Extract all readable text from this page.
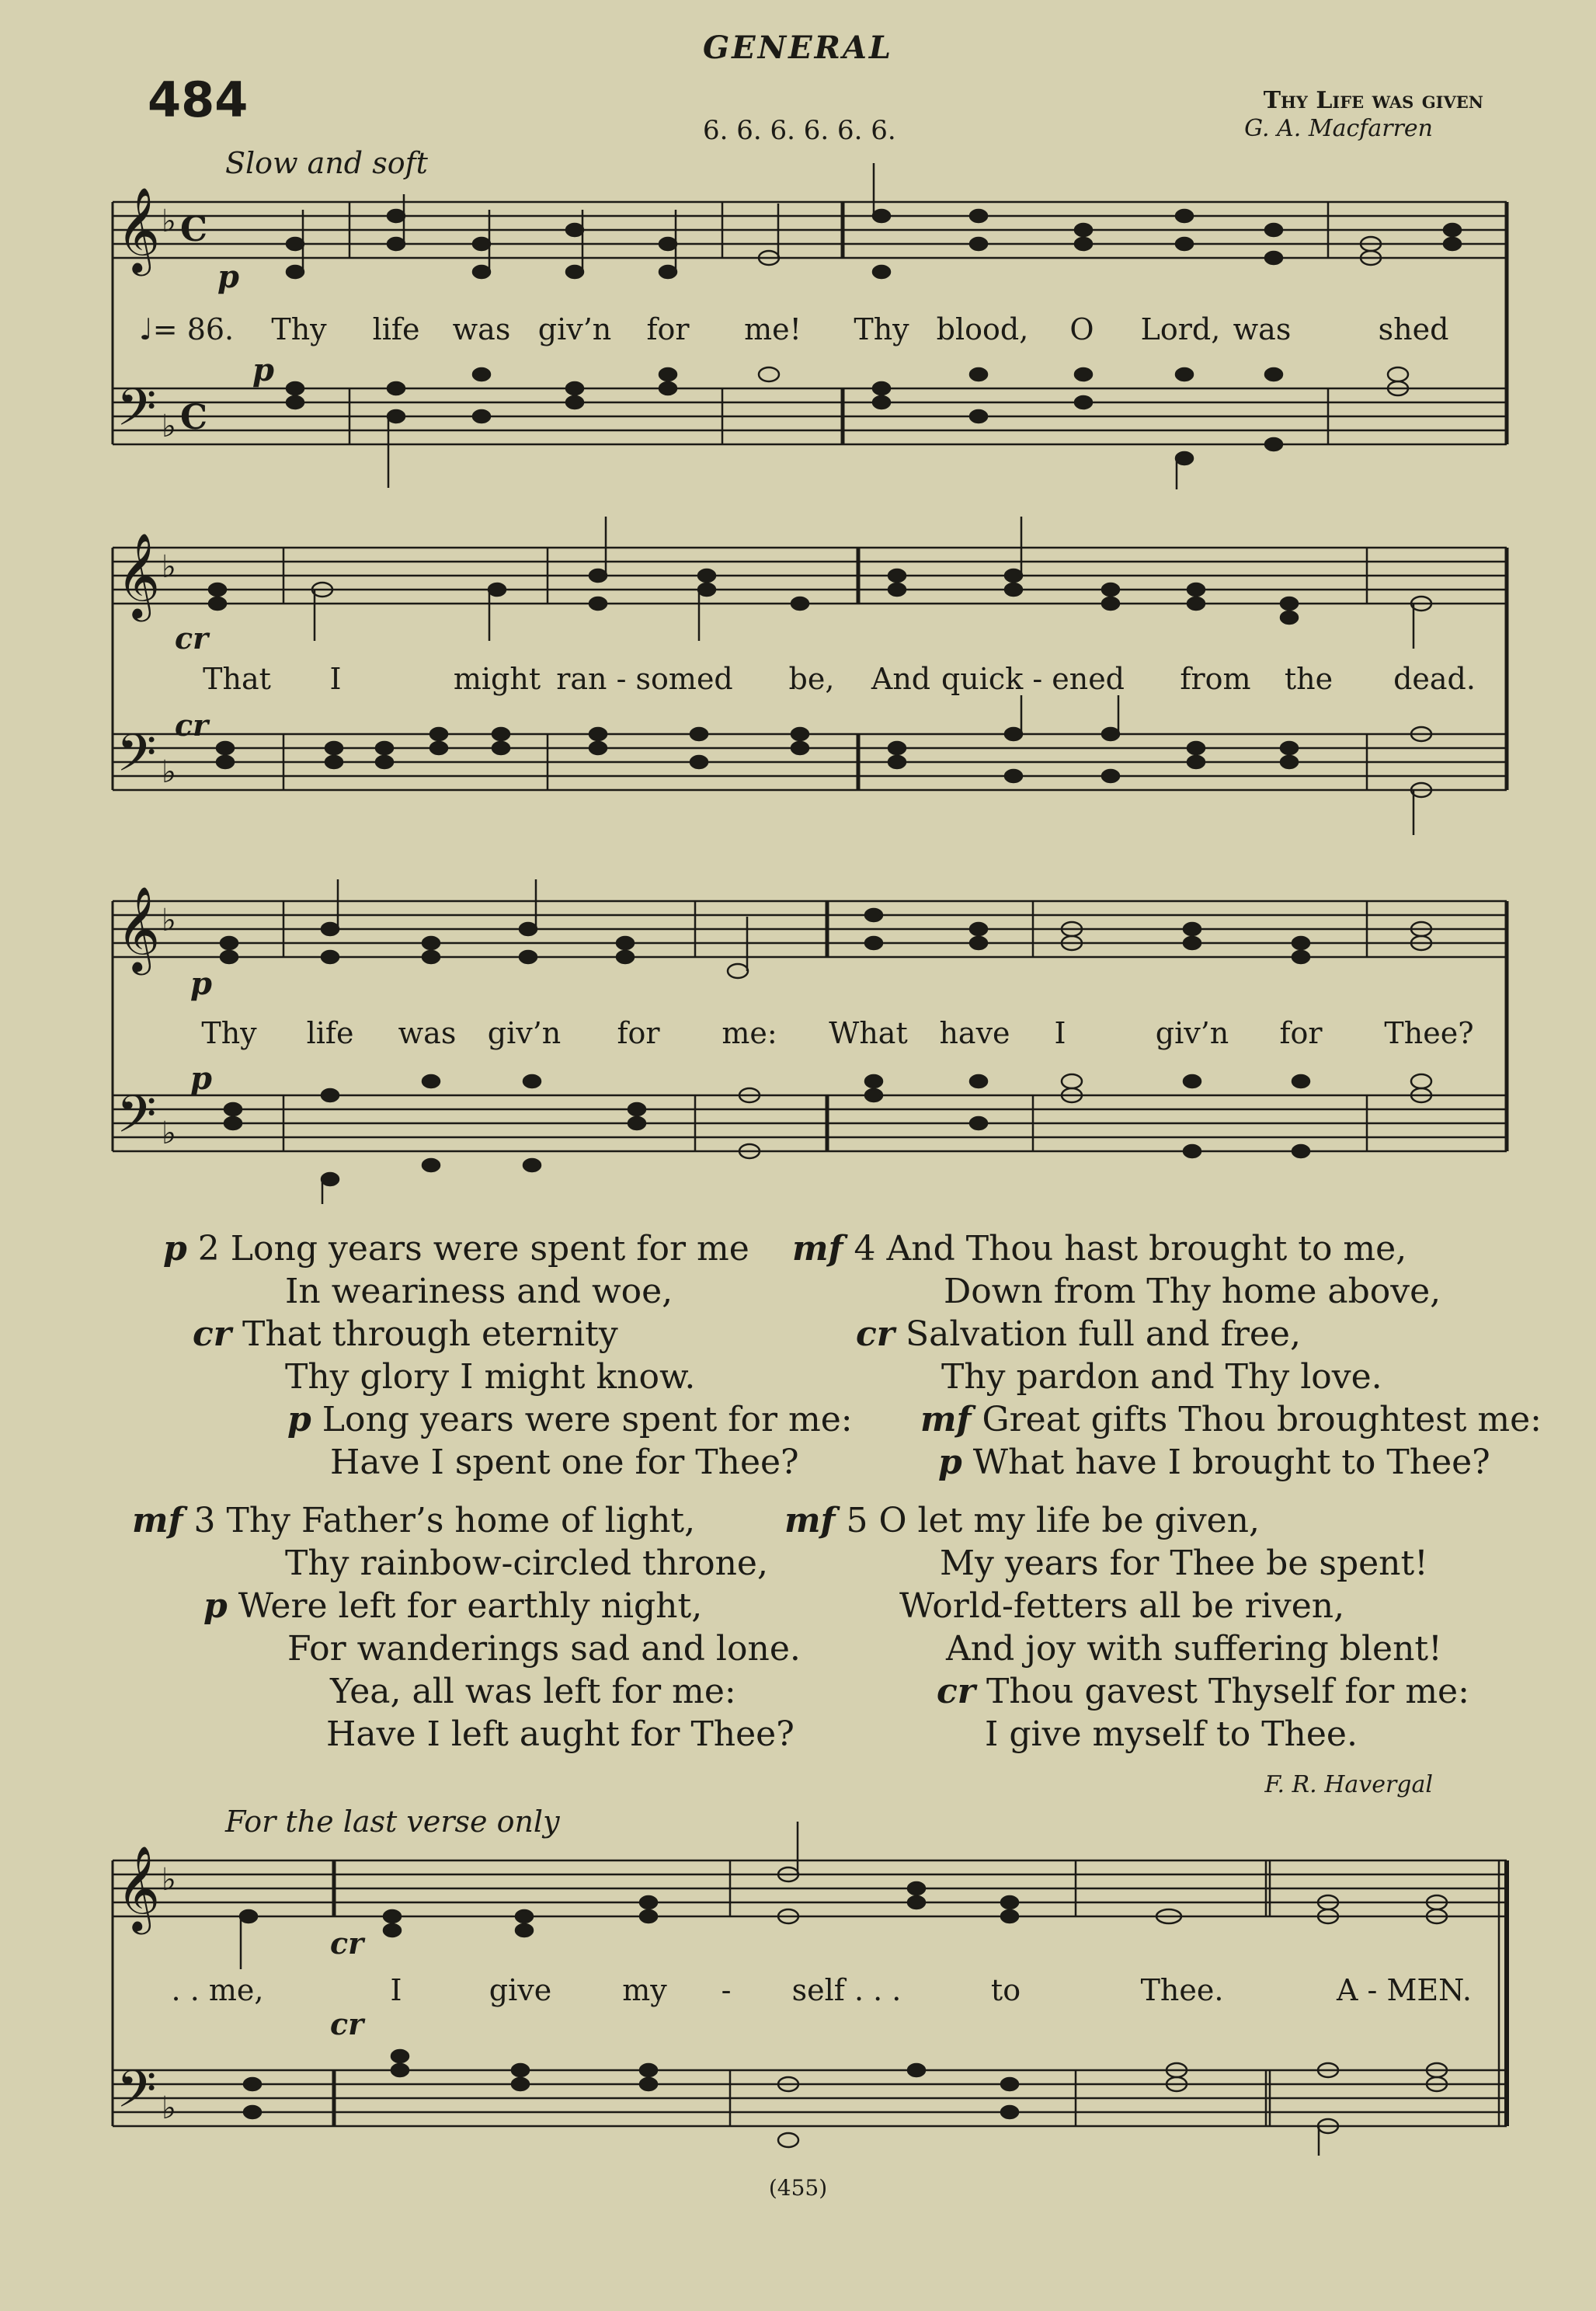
GENERAL
484
6. 6. 6. 6. 6. 6.
Thy Life was given
G. A. Macfarren
Slow and soft
𝄞
𝄢
♭
♭
C
C
p
p
♩= 86. Thy life was giv’n for me! Thy blood, O Lord, was	shed
𝄞
𝄢
♭
♭
cr
cr
That I	might ran - somed be, And quick - ened from the dead.
𝄞
𝄢
♭
♭
p
p
Thy life was giv’n for me: What have I	giv’n for Thee?
p 2 Long years were spent for me
In weariness and woe,
cr That through eternity
Thy glory I might know.
p Long years were spent for me:
Have I spent one for Thee?
mf 3 Thy Father’s home of light,
Thy rainbow-circled throne,
p Were left for earthly night,
For wanderings sad and lone.
Yea, all was left for me:
Have I left aught for Thee?
mf 4 And Thou hast brought to me,
Down from Thy home above,
cr Salvation full and free,
Thy pardon and Thy love.
mf Great gifts Thou broughtest me:
p What have I brought to Thee?
mf 5 O let my life be given,
My years for Thee be spent!
World-fetters all be riven,
And joy with suffering blent!
cr Thou gavest Thyself for me:
I give myself to Thee.
F. R. Havergal
For the last verse only
𝄞
𝄢
♭
♭
cr
cr
. . me,	I	give my - self . . .	to	Thee.	A - MEN.
(455)
